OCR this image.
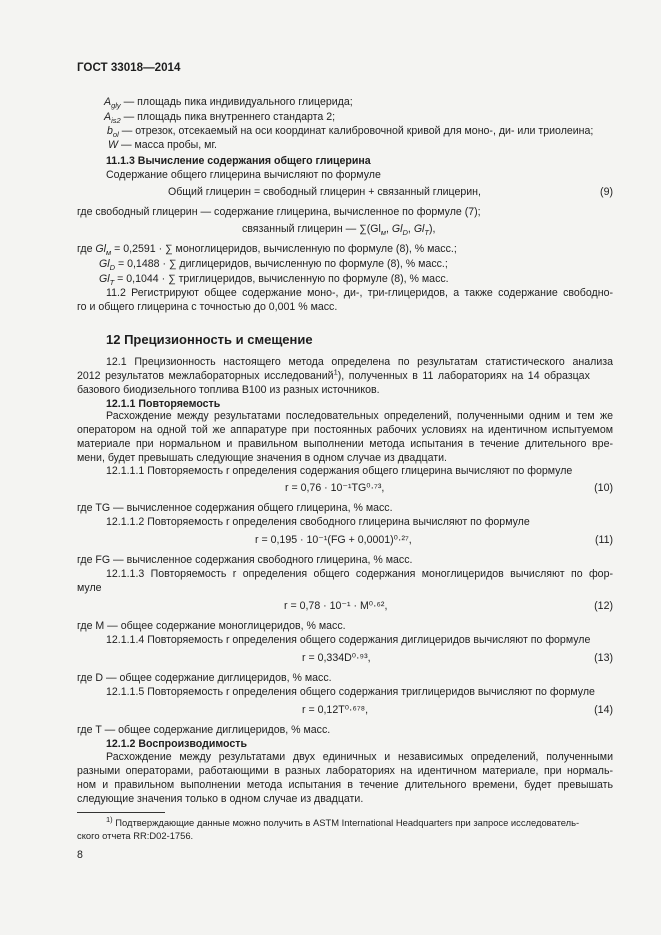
ГОСТ 33018—2014
$A_{gly}$ — площадь пика индивидуального глицерида;
$A_{is2}$ — площадь пика внутреннего стандарта 2;
$b_{ol}$ — отрезок, отсекаемый на оси координат калибровочной кривой для моно-, ди- или триолеина;
W — масса пробы, мг.
11.1.3 Вычисление содержания общего глицерина
Содержание общего глицерина вычисляют по формуле
Общий глицерин = свободный глицерин + связанный глицерин,	(9)
где свободный глицерин — содержание глицерина, вычисленное по формуле (7);
связанный глицерин — $\sum(Gl_м$, $Gl_D$, $Gl_T$),
где $Gl_м = 0,2591$ · ∑ моноглицеридов, вычисленную по формуле (8), % масс.;
$Gl_D = 0,1488$ · ∑ диглицеридов, вычисленную по формуле (8), % масс.;
$Gl_T = 0,1044$ · ∑ триглицеридов, вычисленную по формуле (8), % масс.
11.2 Регистрируют общее содержание моно-, ди-, три-глицеридов, а также содержание свободно-
го и общего глицерина с точностью до 0,001 % масс.
12 Прецизионность и смещение
12.1 Прецизионность настоящего метода определена по результатам статистического анализа
2012 результатов межлабораторных исследований$^1$), полученных в 11 лабораториях на 14 образцах
базового биодизельного топлива В100 из разных источников.
12.1.1 Повторяемость
Расхождение между результатами последовательных определений, полученными одним и тем же
оператором на одной той же аппаратуре при постоянных рабочих условиях на идентичном испытуемом
материале при нормальном и правильном выполнении метода испытания в течение длительного вре-
мени, будет превышать следующие значения в одном случае из двадцати.
12.1.1.1 Повторяемость r определения содержания общего глицерина вычисляют по формуле
r = 0,76 · 10⁻¹TG⁰·⁷³,	(10)
где TG — вычисленное содержания общего глицерина, % масс.
12.1.1.2 Повторяемость r определения свободного глицерина вычисляют по формуле
r = 0,195 · 10⁻¹(FG + 0,0001)⁰·²⁷,	(11)
где FG — вычисленное содержания свободного глицерина, % масс.
12.1.1.3 Повторяемость r определения общего содержания моноглицеридов вычисляют по фор-
муле
r = 0,78 · 10⁻¹ · M⁰·⁶²,	(12)
где M — общее содержание моноглицеридов, % масс.
12.1.1.4 Повторяемость r определения общего содержания диглицеридов вычисляют по формуле
r = 0,334D⁰·⁹³,	(13)
где D — общее содержание диглицеридов, % масс.
12.1.1.5 Повторяемость r определения общего содержания триглицеридов вычисляют по формуле
r = 0,12T⁰·⁶⁷⁸,	(14)
где T — общее содержание диглицеридов, % масс.
12.1.2 Воспроизводимость
Расхождение между результатами двух единичных и независимых определений, полученными
разными операторами, работающими в разных лабораториях на идентичном материале, при нормаль-
ном и правильном выполнении метода испытания в течение длительного времени, будет превышать
следующие значения только в одном случае из двадцати.
$^{1)}$ Подтверждающие данные можно получить в ASTM International Headquarters при запросе исследователь-
ского отчета RR:D02-1756.
8
